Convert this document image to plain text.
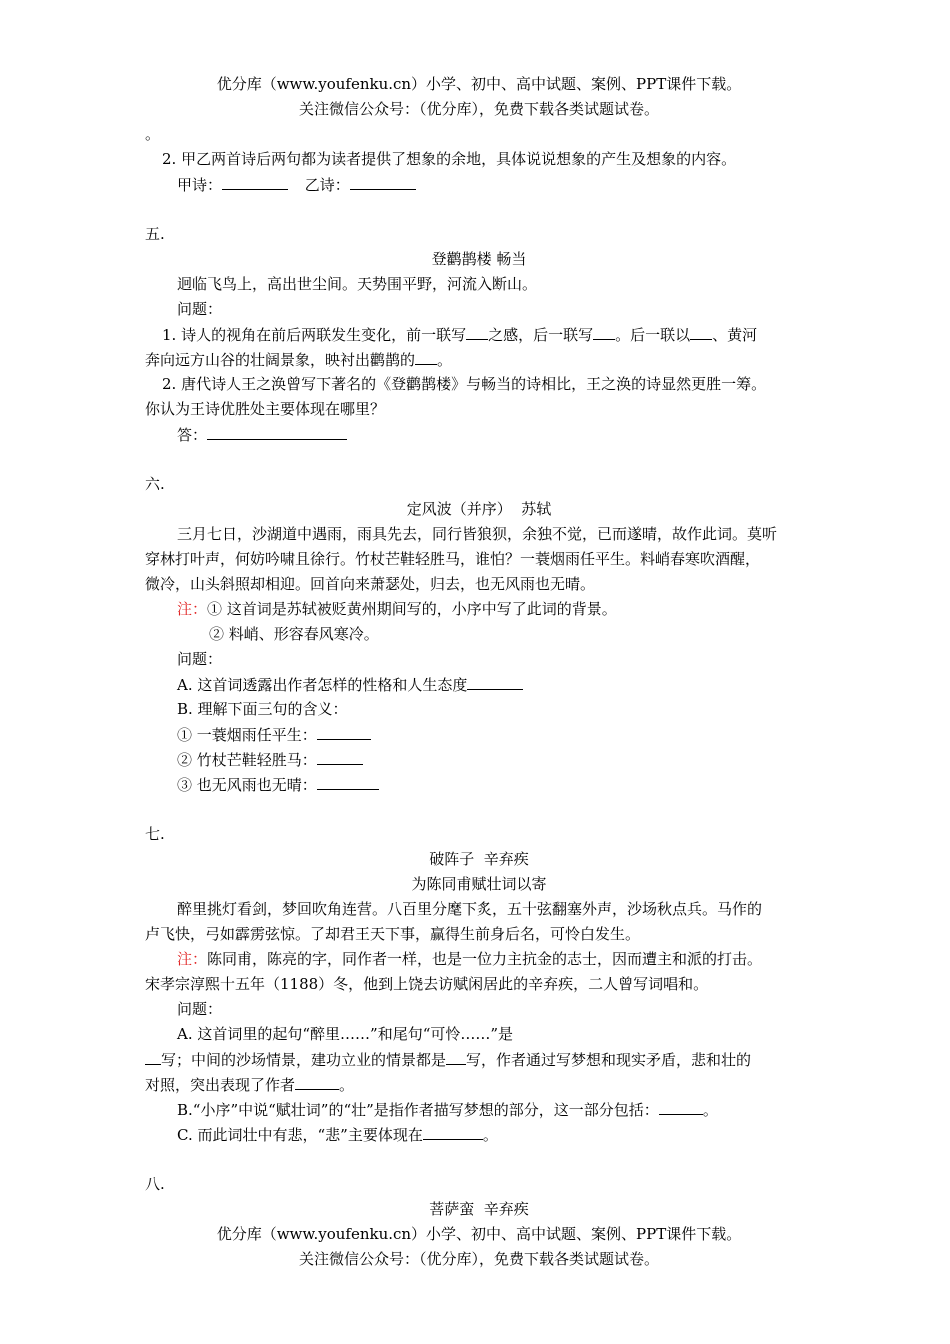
优分库（www.youfenku.cn）小学、初中、高中试题、案例、PPT课件下载。
关注微信公众号：（优分库），免费下载各类试题试卷。
。
2. 甲乙两首诗后两句都为读者提供了想象的余地，具体说说想象的产生及想象的内容。
甲诗：	乙诗：
五.
登鹳鹊楼 畅当
迥临飞鸟上，高出世尘间。天势围平野，河流入断山。
问题：
1. 诗人的视角在前后两联发生变化，前一联写 之感，后一联写 。后一联以 、黄河
奔向远方山谷的壮阔景象，映衬出鹳鹊的 。
2. 唐代诗人王之涣曾写下著名的《登鹳鹊楼》与畅当的诗相比，王之涣的诗显然更胜一筹。
你认为王诗优胜处主要体现在哪里？
答：
六.
定风波（并序）  苏轼
三月七日，沙湖道中遇雨，雨具先去，同行皆狼狈，余独不觉，已而遂晴，故作此词。莫听
穿林打叶声，何妨吟啸且徐行。竹杖芒鞋轻胜马，谁怕？一蓑烟雨任平生。料峭春寒吹酒醒，
微冷，山头斜照却相迎。回首向来萧瑟处，归去，也无风雨也无晴。
注：① 这首词是苏轼被贬黄州期间写的，小序中写了此词的背景。
② 料峭、形容春风寒冷。
问题：
A. 这首词透露出作者怎样的性格和人生态度
B. 理解下面三句的含义：
① 一蓑烟雨任平生：
② 竹杖芒鞋轻胜马：
③ 也无风雨也无晴：
七.
破阵子  辛弃疾
为陈同甫赋壮词以寄
醉里挑灯看剑，梦回吹角连营。八百里分麾下炙，五十弦翻塞外声，沙场秋点兵。马作的
卢飞快，弓如霹雳弦惊。了却君王天下事，赢得生前身后名，可怜白发生。
注：陈同甫，陈亮的字，同作者一样，也是一位力主抗金的志士，因而遭主和派的打击。
宋孝宗淳熙十五年（1188）冬，他到上饶去访赋闲居此的辛弃疾，二人曾写词唱和。
问题：
A. 这首词里的起句“醉里……”和尾句“可怜……”是
写；中间的沙场情景，建功立业的情景都是 写，作者通过写梦想和现实矛盾，悲和壮的
对照，突出表现了作者	。
B.“小序”中说“赋壮词”的“壮”是指作者描写梦想的部分，这一部分包括：	。
C. 而此词壮中有悲，“悲”主要体现在	。
八.
菩萨蛮  辛弃疾
优分库（www.youfenku.cn）小学、初中、高中试题、案例、PPT课件下载。
关注微信公众号：（优分库），免费下载各类试题试卷。
